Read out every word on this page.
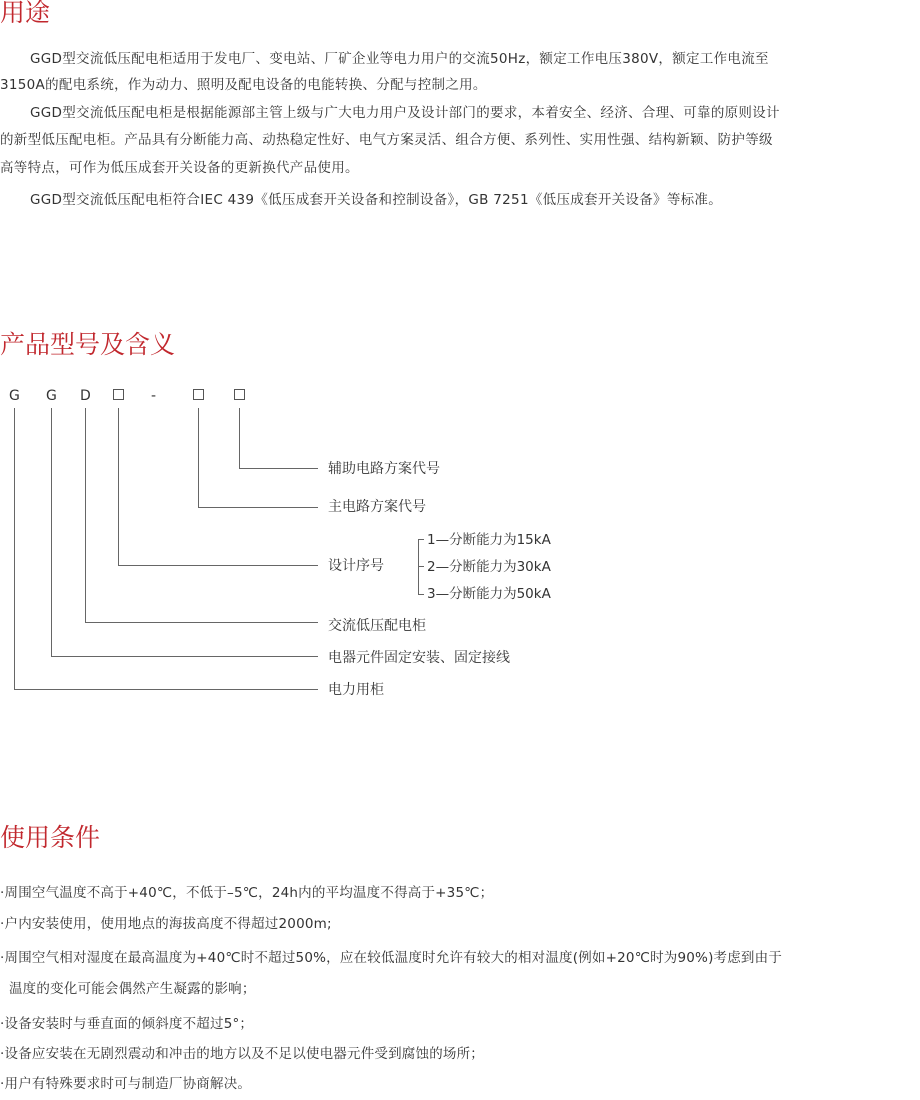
用途

GGD型交流低压配电柜适用于发电厂、变电站、厂矿企业等电力用户的交流50Hz，额定工作电压380V，额定工作电流至

3150A的配电系统，作为动力、照明及配电设备的电能转换、分配与控制之用。

GGD型交流低压配电柜是根据能源部主管上级与广大电力用户及设计部门的要求，本着安全、经济、合理、可靠的原则设计

的新型低压配电柜。产品具有分断能力高、动热稳定性好、电气方案灵活、组合方便、系列性、实用性强、结构新颖、防护等级

高等特点，可作为低压成套开关设备的更新换代产品使用。

GGD型交流低压配电柜符合IEC 439《低压成套开关设备和控制设备》，GB 7251《低压成套开关设备》等标准。

产品型号及含义
G G D	-
辅助电路方案代号
主电路方案代号
设计序号
交流低压配电柜
电器元件固定安装、固定接线
电力用柜
1—分断能力为15kA
2—分断能力为30kA
3—分断能力为50kA
使用条件

·周围空气温度不高于+40℃，不低于–5℃，24h内的平均温度不得高于+35℃；

·户内安装使用，使用地点的海拔高度不得超过2000m;

·周围空气相对湿度在最高温度为+40℃时不超过50%，应在较低温度时允许有较大的相对温度(例如+20℃时为90%)考虑到由于

温度的变化可能会偶然产生凝露的影响；

·设备安装时与垂直面的倾斜度不超过5°；

·设备应安装在无剧烈震动和冲击的地方以及不足以使电器元件受到腐蚀的场所；

·用户有特殊要求时可与制造厂协商解决。
